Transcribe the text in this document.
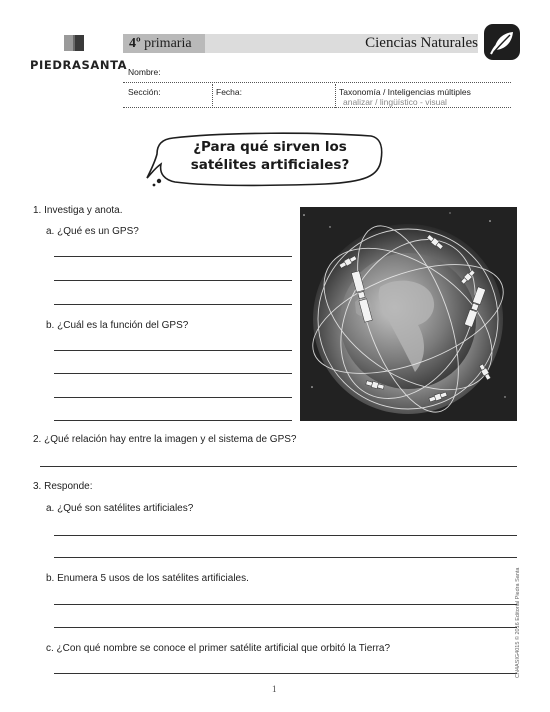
PIEDRASANTA
4º primaria	Ciencias Naturales
Nombre:
Sección:	Fecha:	Taxonomía / Inteligencias múltiples
analizar / lingüístico - visual
¿Para qué sirven los
satélites artificiales?
1. Investiga y anota.
a. ¿Qué es un GPS?
b. ¿Cuál es la función del GPS?
2. ¿Qué relación hay entre la imagen y el sistema de GPS?
3. Responde:
a. ¿Qué son satélites artificiales?
b. Enumera 5 usos de los satélites artificiales.
c. ¿Con qué nombre se conoce el primer satélite artificial que orbitó la Tierra?	CN4ASIG4015 © 2016 Editorial Piedra Santa
1
